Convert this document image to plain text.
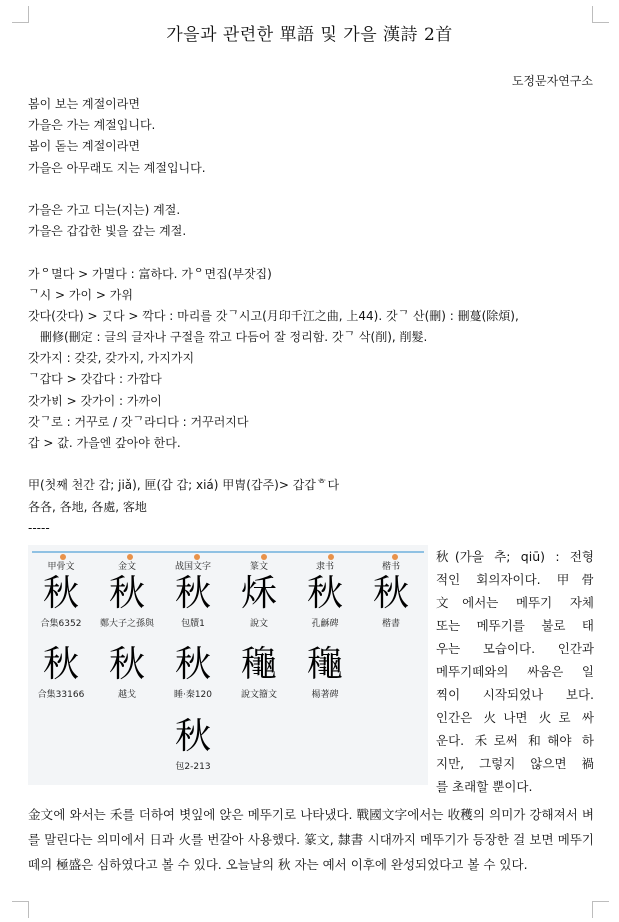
가을과 관련한 單語 및 가을 漢詩 2首
도정문자연구소
봄이 보는 계절이라면
가을은 가는 계절입니다.
봄이 돋는 계절이라면
가을은 아무래도 지는 계절입니다.
가을은 가고 디는(지는) 계절.
가을은 갑갑한 빛을 갚는 계절.
가ᄋ멸다 > 가멸다 : 富하다. 가ᄋ면집(부잣집)
ᄀ시 > 가이 > 가위
갓다(갓다) > ᄀᆞᆺ다 > 깍다 : 마리를 갓ᄀ시고(月印千江之曲, 上44). 갓ᄀ 산(刪) : 刪蔓(除煩),
刪修(刪定 : 글의 글자나 구절을 깎고 다듬어 잘 정리함. 갓ᄀ 삭(削), 削髮.
갓가지 : 갖갖, 갖가지, 가지가지
ᄀ갑다 > 갓갑다 : 가깝다
갓가ᄫᅵ > 갓가이 : 가까이
갓ᄀ로 : 거꾸로 / 갓ᄀ라디다 : 거꾸러지다
갑 > 값. 가을엔 갚아야 한다.
甲(첫째 천간 갑; jiǎ), 匣(갑 갑; xiá) 甲冑(갑주)> 갑갑ᄒ다
各各, 各地, 各處, 客地
-----
甲骨文
秋
合集6352
金文
秋
鄭大子之孫與
战国文字
秋
包牘1
篆文
秌
說文
隶书
秋
孔龢碑
楷书
秋
楷書
秋
合集33166
秋
越戈
秋
睡·秦120
龝
說文籀文
龝
楊著碑
秋
包2-213
秋(가을 추; qiū) : 전형
적인 회의자이다. 甲骨
文에서는 메뚜기 자체
또는 메뚜기를 불로 태
우는 모습이다. 인간과
메뚜기떼와의 싸움은 일
찍이 시작되었나 보다.
인간은 火나면 火로 싸
운다. 禾로써 和해야 하
지만, 그렇지 않으면 禍
를 초래할 뿐이다.
金文에 와서는 禾를 더하여 볏잎에 앉은 메뚜기로 나타냈다. 戰國文字에서는 收穫의 의미가 강해져서 벼를 말린다는 의미에서 日과 火를 번갈아 사용했다. 篆文, 隸書 시대까지 메뚜기가 등장한 걸 보면 메뚜기떼의 極盛은 심하였다고 볼 수 있다. 오늘날의 秋 자는 예서 이후에 완성되었다고 볼 수 있다.
